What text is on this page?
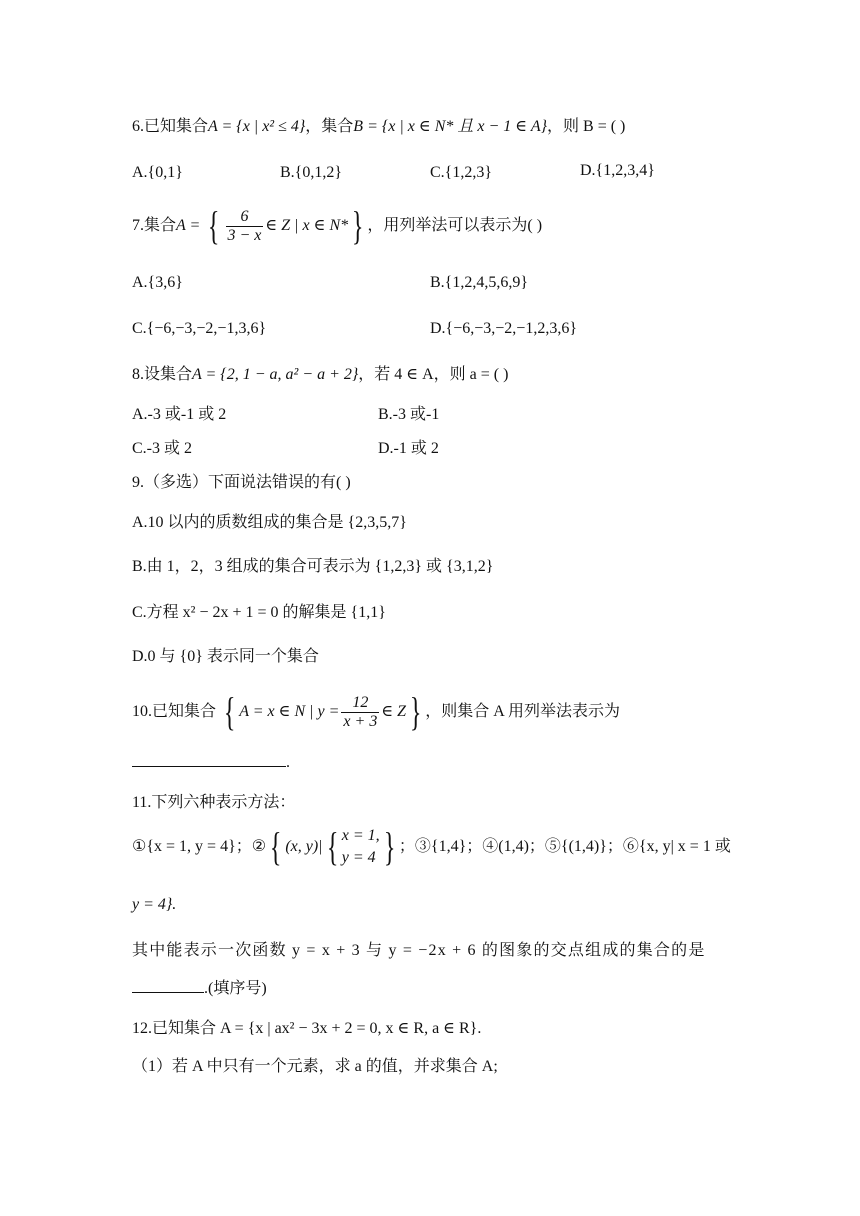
6.已知集合A = {x | x² ≤ 4}，集合B = {x | x ∈ N* 且 x − 1 ∈ A}，则 B = ( )
A.{0,1}	B.{0,1,2}	C.{1,2,3}	D.{1,2,3,4}
7.集合A = { $\frac{6}{3 - x}$ ∈ Z | x ∈ N*} ，用列举法可以表示为( )
A.{3,6}	B.{1,2,4,5,6,9}
C.{−6,−3,−2,−1,3,6}	D.{−6,−3,−2,−1,2,3,6}
8.设集合A = {2, 1 − a, a² − a + 2}，若 4 ∈ A，则 a = ( )
A.-3 或-1 或 2	B.-3 或-1
C.-3 或 2	D.-1 或 2
9.（多选）下面说法错误的有( )
A.10 以内的质数组成的集合是 {2,3,5,7}
B.由 1，2，3 组成的集合可表示为 {1,2,3} 或 {3,1,2}
C.方程 x² − 2x + 1 = 0 的解集是 {1,1}
D.0 与 {0} 表示同一个集合
10.已知集合 { A = x ∈ N | $y = \frac{12}{x + 3}$ ∈ Z} ，则集合 A 用列举法表示为
.
11.下列六种表示方法：
①{x = 1, y = 4}；②{ (x, y)|{ x = 1,
y = 4 } ；③{1,4}；④(1,4)；⑤{(1,4)}；⑥{x, y| x = 1 或
y = 4}.
其中能表示一次函数 y = x + 3 与 y = −2x + 6 的图象的交点组成的集合的是
.(填序号)
12.已知集合 A = {x | ax² − 3x + 2 = 0, x ∈ R, a ∈ R}.
（1）若 A 中只有一个元素，求 a 的值，并求集合 A;
